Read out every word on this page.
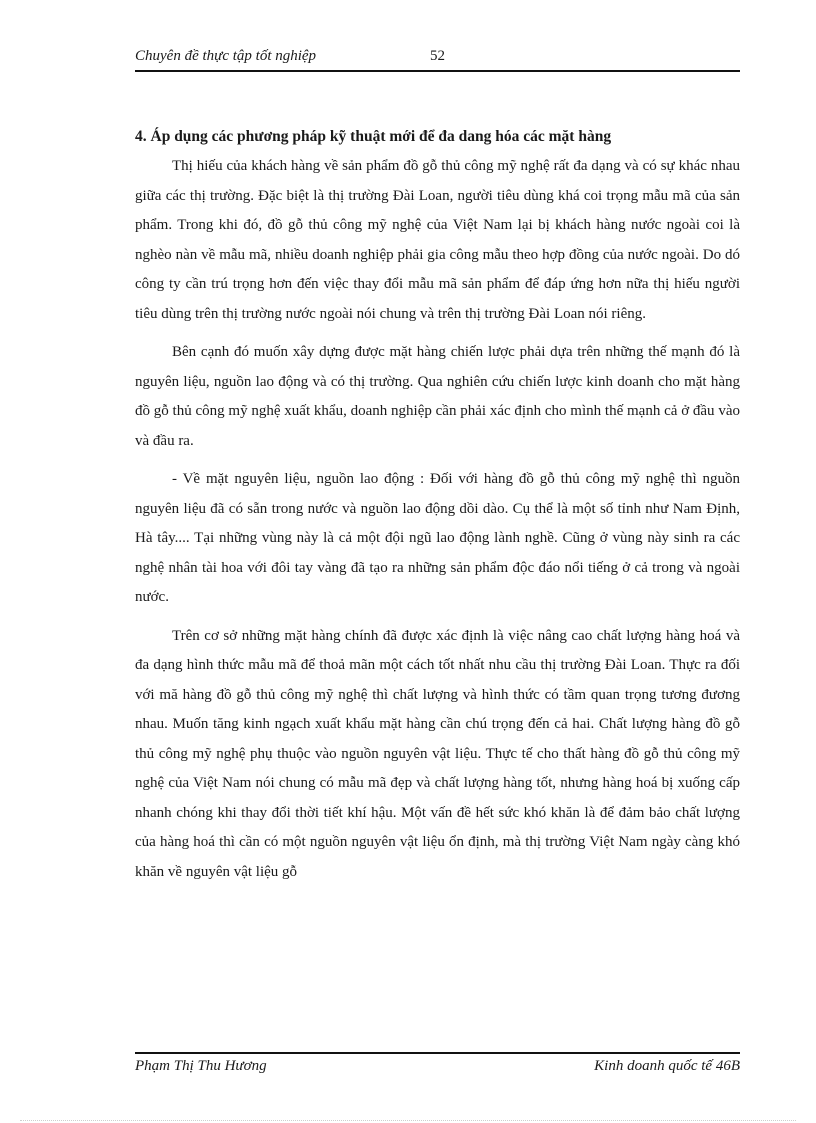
Chuyên đề thực tập tốt nghiệp	52
4. Áp dụng các phương pháp kỹ thuật mới để đa dang hóa các mặt hàng

Thị hiếu của khách hàng về sản phẩm đồ gỗ thủ công mỹ nghệ rất đa dạng và có sự khác nhau giữa các thị trường. Đặc biệt là thị trường Đài Loan, người tiêu dùng khá coi trọng mẫu mã của sản phẩm. Trong khi đó, đồ gỗ thủ công mỹ nghệ của Việt Nam lại bị khách hàng nước ngoài coi là nghèo nàn về mẫu mã, nhiều doanh nghiệp phải gia công mẫu theo hợp đồng của nước ngoài. Do dó công ty cần trú trọng hơn đến việc thay đổi mẫu mã sản phẩm để đáp ứng hơn nữa thị hiếu người tiêu dùng trên thị trường nước ngoài nói chung và trên thị trường Đài Loan nói riêng.

Bên cạnh đó muốn xây dựng được mặt hàng chiến lược phải dựa trên những thế mạnh đó là nguyên liệu, nguồn lao động và có thị trường. Qua nghiên cứu chiến lược kinh doanh cho mặt hàng đồ gỗ thủ công mỹ nghệ xuất khẩu, doanh nghiệp cần phải xác định cho mình thế mạnh cả ở đầu vào và đầu ra.

- Về mặt nguyên liệu, nguồn lao động : Đối với hàng đồ gỗ thủ công mỹ nghệ thì nguồn nguyên liệu đã có sẵn trong nước và nguồn lao động dồi dào. Cụ thể là một số tỉnh như Nam Định, Hà tây.... Tại những vùng này là cả một đội ngũ lao động lành nghề. Cũng ở vùng này sinh ra các nghệ nhân tài hoa với đôi tay vàng đã tạo ra những sản phẩm độc đáo nổi tiếng ở cả trong và ngoài nước.

Trên cơ sở những mặt hàng chính đã được xác định là việc nâng cao chất lượng hàng hoá và đa dạng hình thức mẫu mã để thoả mãn một cách tốt nhất nhu cầu thị trường Đài Loan. Thực ra đối với mă hàng đồ gỗ thủ công mỹ nghệ thì chất lượng và hình thức có tầm quan trọng tương đương nhau. Muốn tăng kinh ngạch xuất khẩu mặt hàng cần chú trọng đến cả hai. Chất lượng hàng đồ gỗ thủ công mỹ nghệ phụ thuộc vào nguồn nguyên vật liệu. Thực tế cho thất hàng đồ gỗ thủ công mỹ nghệ của Việt Nam nói chung có mẫu mã đẹp và chất lượng hàng tốt, nhưng hàng hoá bị xuống cấp nhanh chóng khi thay đổi thời tiết khí hậu. Một vấn đề hết sức khó khăn là để đảm bảo chất lượng của hàng hoá thì cần có một nguồn nguyên vật liệu ổn định, mà thị trường Việt Nam ngày càng khó khăn về nguyên vật liệu gỗ

Phạm Thị Thu Hương	Kinh doanh quốc tế 46B
